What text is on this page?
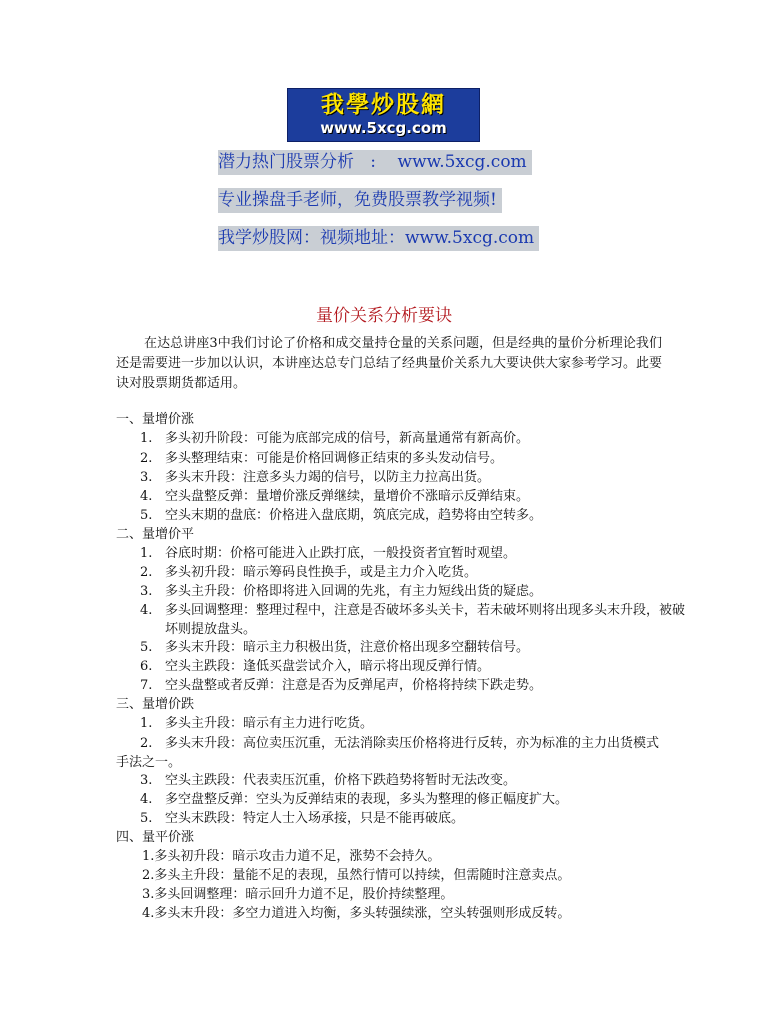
我學炒股網
www.5xcg.com
潜力热门股票分析   :    www.5xcg.com
专业操盘手老师，免费股票教学视频!
我学炒股网：视频地址：www.5xcg.com
量价关系分析要诀

在达总讲座3中我们讨论了价格和成交量持仓量的关系问题，但是经典的量价分析理论我们还是需要进一步加以认识，本讲座达总专门总结了经典量价关系九大要诀供大家参考学习。此要诀对股票期货都适用。

一、量增价涨
1. 多头初升阶段：可能为底部完成的信号，新高量通常有新高价。
2. 多头整理结束：可能是价格回调修正结束的多头发动信号。
3. 多头末升段：注意多头力竭的信号，以防主力拉高出货。
4. 空头盘整反弹：量增价涨反弹继续，量增价不涨暗示反弹结束。
5. 空头末期的盘底：价格进入盘底期，筑底完成，趋势将由空转多。
二、量增价平
1. 谷底时期：价格可能进入止跌打底，一般投资者宜暂时观望。
2. 多头初升段：暗示筹码良性换手，或是主力介入吃货。
3. 多头主升段：价格即将进入回调的先兆，有主力短线出货的疑虑。
4. 多头回调整理：整理过程中，注意是否破坏多头关卡，若未破坏则将出现多头末升段，被破坏则提放盘头。
5. 多头末升段：暗示主力积极出货，注意价格出现多空翻转信号。
6. 空头主跌段：逢低买盘尝试介入，暗示将出现反弹行情。
7. 空头盘整或者反弹：注意是否为反弹尾声，价格将持续下跌走势。
三、量增价跌
1. 多头主升段：暗示有主力进行吃货。
2. 多头末升段：高位卖压沉重，无法消除卖压价格将进行反转，亦为标准的主力出货模式手法之一。
3. 空头主跌段：代表卖压沉重，价格下跌趋势将暂时无法改变。
4. 多空盘整反弹：空头为反弹结束的表现，多头为整理的修正幅度扩大。
5. 空头末跌段：特定人士入场承接，只是不能再破底。
四、量平价涨
1.多头初升段：暗示攻击力道不足，涨势不会持久。
2.多头主升段：量能不足的表现，虽然行情可以持续，但需随时注意卖点。
3.多头回调整理：暗示回升力道不足，股价持续整理。
4.多头末升段：多空力道进入均衡，多头转强续涨，空头转强则形成反转。
